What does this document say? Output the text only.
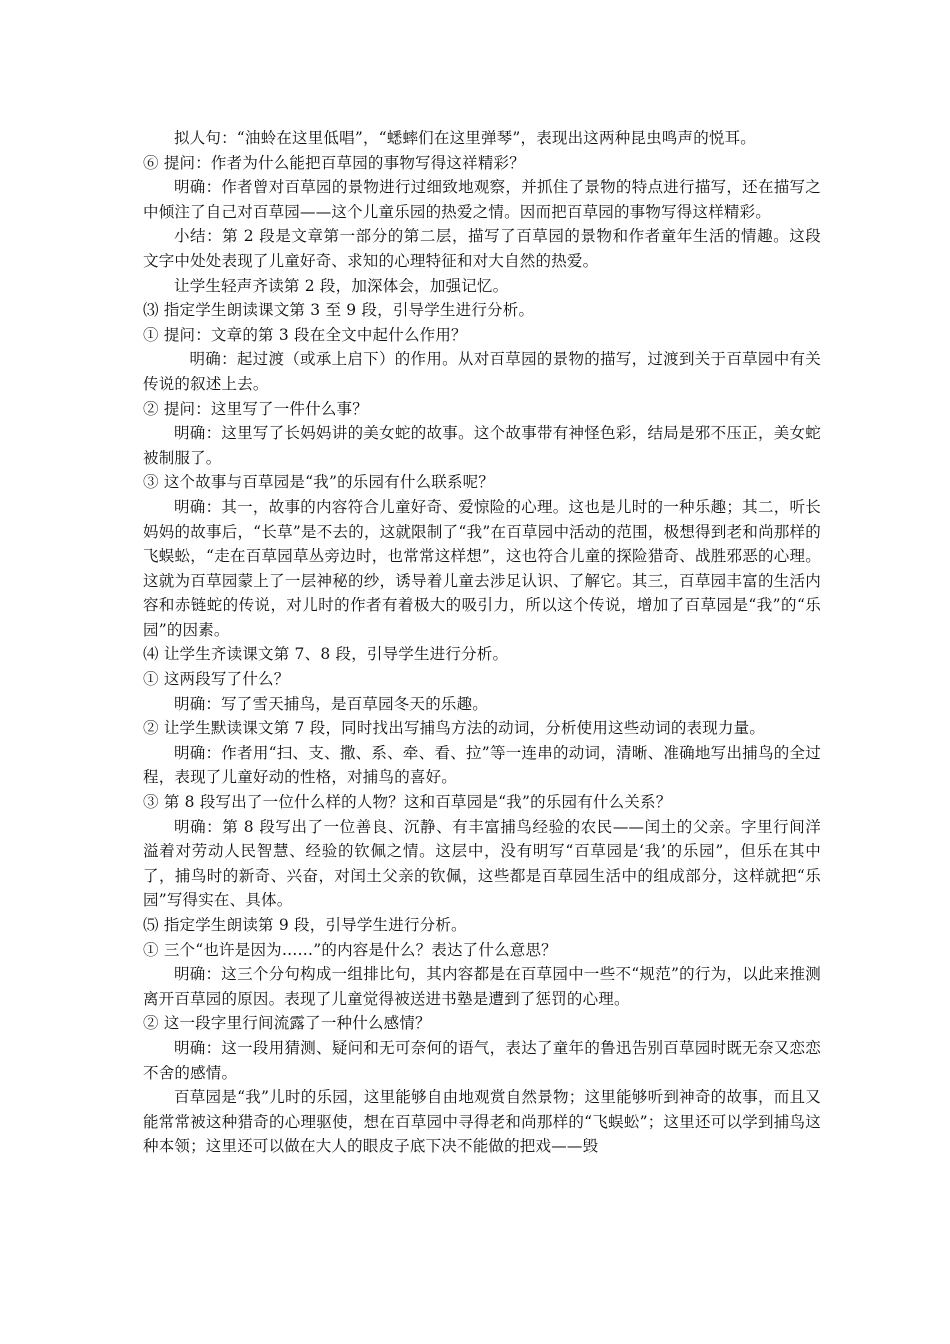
拟人句：“油蛉在这里低唱”，“蟋蟀们在这里弹琴”，表现出这两种昆虫鸣声的悦耳。

⑥ 提问：作者为什么能把百草园的事物写得这祥精彩？

明确：作者曾对百草园的景物进行过细致地观察，并抓住了景物的特点进行描写，还在描写之中倾注了自己对百草园——这个儿童乐园的热爱之情。因而把百草园的事物写得这样精彩。

小结：第 2 段是文章第一部分的第二层，描写了百草园的景物和作者童年生活的情趣。这段文字中处处表现了儿童好奇、求知的心理特征和对大自然的热爱。

让学生轻声齐读第 2 段，加深体会，加强记忆。

⑶ 指定学生朗读课文第 3 至 9 段，引导学生进行分析。

① 提问：文章的第 3 段在全文中起什么作用？

明确：起过渡（或承上启下）的作用。从对百草园的景物的描写，过渡到关于百草园中有关传说的叙述上去。

② 提问：这里写了一件什么事？

明确：这里写了长妈妈讲的美女蛇的故事。这个故事带有神怪色彩，结局是邪不压正，美女蛇被制服了。

③ 这个故事与百草园是“我”的乐园有什么联系呢？

明确：其一，故事的内容符合儿童好奇、爱惊险的心理。这也是儿时的一种乐趣；其二，听长妈妈的故事后，“长草”是不去的，这就限制了“我”在百草园中活动的范围，极想得到老和尚那样的飞蜈蚣，“走在百草园草丛旁边时，也常常这样想”，这也符合儿童的探险猎奇、战胜邪恶的心理。这就为百草园蒙上了一层神秘的纱，诱导着儿童去涉足认识、了解它。其三，百草园丰富的生活内容和赤链蛇的传说，对儿时的作者有着极大的吸引力，所以这个传说，增加了百草园是“我”的“乐园”的因素。

⑷ 让学生齐读课文第 7、8 段，引导学生进行分析。

① 这两段写了什么？

明确：写了雪天捕鸟，是百草园冬天的乐趣。

② 让学生默读课文第 7 段，同时找出写捕鸟方法的动词，分析使用这些动词的表现力量。

明确：作者用“扫、支、撒、系、牵、看、拉”等一连串的动词，清晰、准确地写出捕鸟的全过程，表现了儿童好动的性格，对捕鸟的喜好。

③ 第 8 段写出了一位什么样的人物？这和百草园是“我”的乐园有什么关系？

明确：第 8 段写出了一位善良、沉静、有丰富捕鸟经验的农民——闰土的父亲。字里行间洋溢着对劳动人民智慧、经验的钦佩之情。这层中，没有明写“百草园是‘我’的乐园”，但乐在其中了，捕鸟时的新奇、兴奋，对闰土父亲的钦佩，这些都是百草园生活中的组成部分，这样就把“乐园”写得实在、具体。

⑸ 指定学生朗读第 9 段，引导学生进行分析。

① 三个“也许是因为……”的内容是什么？表达了什么意思？

明确：这三个分句构成一组排比句，其内容都是在百草园中一些不“规范”的行为，以此来推测离开百草园的原因。表现了儿童觉得被送进书塾是遭到了惩罚的心理。

② 这一段字里行间流露了一种什么感情？

明确：这一段用猜测、疑问和无可奈何的语气，表达了童年的鲁迅告别百草园时既无奈又恋恋不舍的感情。

百草园是“我”儿时的乐园，这里能够自由地观赏自然景物；这里能够听到神奇的故事，而且又能常常被这种猎奇的心理驱使，想在百草园中寻得老和尚那样的“飞蜈蚣”；这里还可以学到捕鸟这种本领；这里还可以做在大人的眼皮子底下决不能做的把戏——毁
